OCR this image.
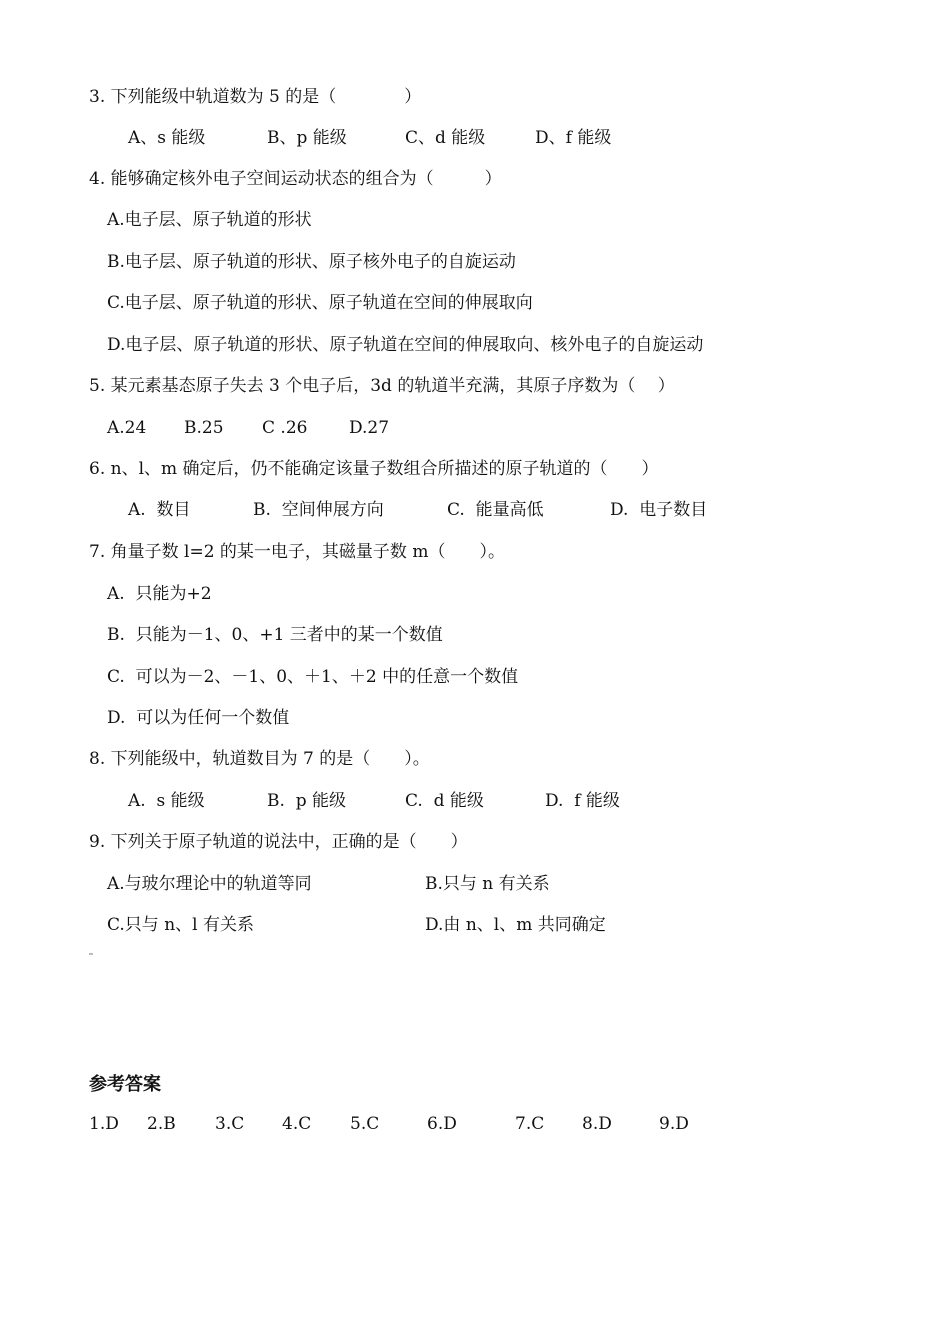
3. 下列能级中轨道数为 5 的是（　　　　）
A、s 能级	B、p 能级	C、d 能级	D、f 能级
4. 能够确定核外电子空间运动状态的组合为（　　　）
A.电子层、原子轨道的形状
B.电子层、原子轨道的形状、原子核外电子的自旋运动
C.电子层、原子轨道的形状、原子轨道在空间的伸展取向
D.电子层、原子轨道的形状、原子轨道在空间的伸展取向、核外电子的自旋运动
5. 某元素基态原子失去 3 个电子后，3d 的轨道半充满，其原子序数为（　 ）
A.24 B.25 C .26 D.27
6. n、l、m 确定后，仍不能确定该量子数组合所描述的原子轨道的（　　）
A.  数目	B.  空间伸展方向	C.  能量高低	D.  电子数目
7. 角量子数 l=2 的某一电子，其磁量子数 m（　　）。
A.  只能为+2
B.  只能为－1、0、+1 三者中的某一个数值
C.  可以为－2、－1、0、＋1、＋2 中的任意一个数值
D.  可以为任何一个数值
8. 下列能级中，轨道数目为 7 的是（　　）。
A.  s 能级	B.  p 能级	C.  d 能级	D.  f 能级
9. 下列关于原子轨道的说法中，正确的是（　　）
A.与玻尔理论中的轨道等同	B.只与 n 有关系
C.只与 n、l 有关系	D.由 n、l、m 共同确定
参考答案
1.D 2.B 3.C 4.C 5.C	6.D	7.C 8.D	9.D
